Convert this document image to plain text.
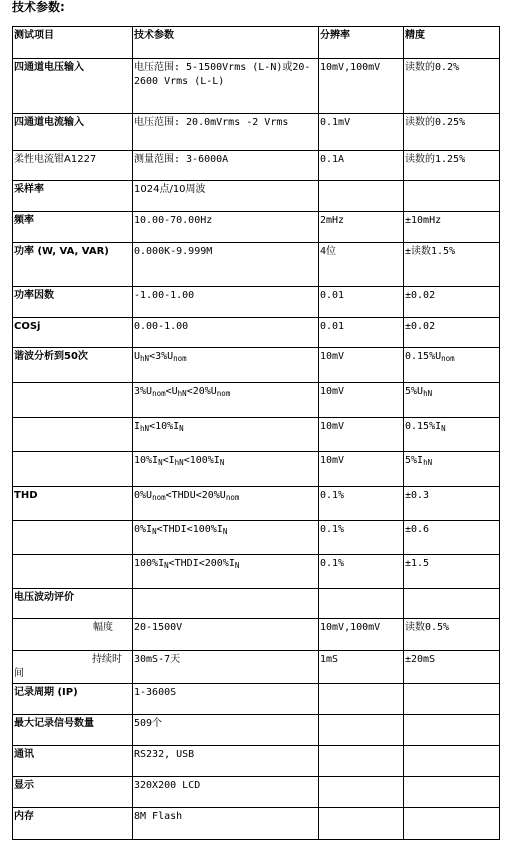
技术参数:
测试项目	技术参数	分辨率	精度
四通道电压输入	电压范围: 5-1500Vrms (L-N)或20-2600 Vrms (L-L)	10mV,100mV	读数的0.2%
四通道电流输入	电压范围: 20.0mVrms -2 Vrms	0.1mV	读数的0.25%
柔性电流钳A1227	测量范围: 3-6000A	0.1A	读数的1.25%
采样率	1024点/10周波		
频率	10.00-70.00Hz	2mHz	±10mHz
功率 (W, VA, VAR)	0.000K-9.999M	4位	±读数1.5%
功率因数	-1.00-1.00	0.01	±0.02
COSj	0.00-1.00	0.01	±0.02
谐波分析到50次	$U_{hN}<3\%U_{nom}$	10mV	$0.15\%U_{nom}$
	$3\%U_{nom}<U_{hN}<20\%U_{nom}$	10mV	$5\%U_{hN}$
	$I_{hN}<10\%I_N$	10mV	$0.15\%I_N$
	$10\%I_N<I_{hN}<100\%I_N$	10mV	$5\%I_{hN}$
THD	$0\%U_{nom}<THDU<20\%U_{nom}$	0.1%	±0.3
	$0\%I_N<THDI<100\%I_N$	0.1%	±0.6
	$100\%I_N<THDI<200\%I_N$	0.1%	±1.5
电压波动评价			

幅度	20-1500V	10mV,100mV	读数0.5%

持续时间	30mS-7天	1mS	±20mS
记录周期 (IP)	1-3600S		
最大记录信号数量	509个		
通讯	RS232, USB		
显示	320X200 LCD		
内存	8M Flash		
